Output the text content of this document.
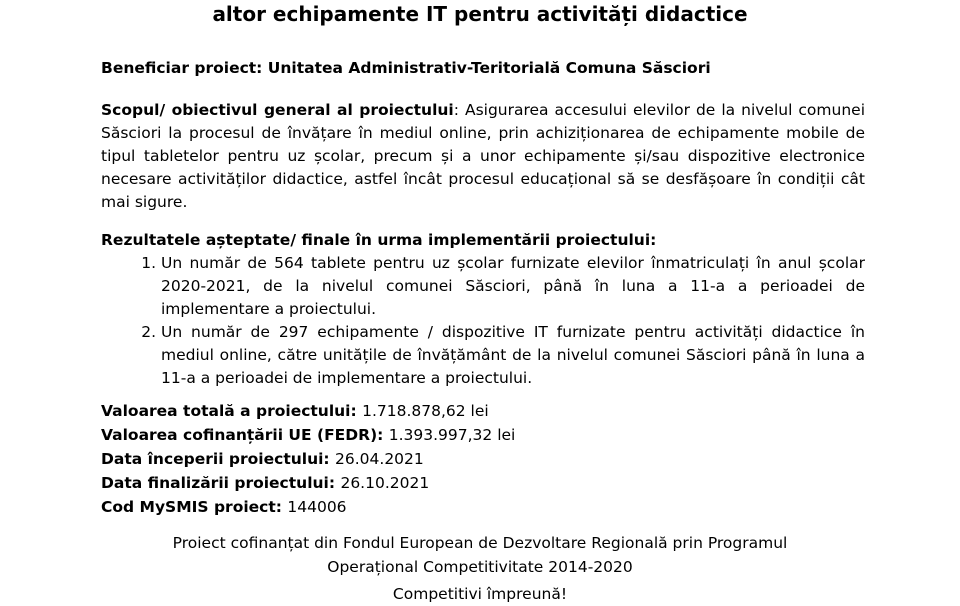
altor echipamente IT pentru activități didactice
Beneficiar proiect: Unitatea Administrativ-Teritorială Comuna Săsciori
Scopul/ obiectivul general al proiectului: Asigurarea accesului elevilor de la nivelul comunei Săsciori la procesul de învățare în mediul online, prin achiziționarea de echipamente mobile de tipul tabletelor pentru uz școlar, precum și a unor echipamente și/sau dispozitive electronice necesare activităților didactice, astfel încât procesul educațional să se desfășoare în condiții cât mai sigure.
Rezultatele așteptate/ finale în urma implementării proiectului:
1. Un număr de 564 tablete pentru uz școlar furnizate elevilor înmatriculați în anul școlar 2020-2021, de la nivelul comunei Săsciori, până în luna a 11-a a perioadei de implementare a proiectului.
2. Un număr de 297 echipamente / dispozitive IT furnizate pentru activități didactice în mediul online, către unitățile de învățământ de la nivelul comunei Săsciori până în luna a 11-a a perioadei de implementare a proiectului.
Valoarea totală a proiectului: 1.718.878,62 lei
Valoarea cofinanțării UE (FEDR): 1.393.997,32 lei
Data începerii proiectului: 26.04.2021
Data finalizării proiectului: 26.10.2021
Cod MySMIS proiect: 144006
Proiect cofinanțat din Fondul European de Dezvoltare Regională prin Programul
Operațional Competitivitate 2014-2020
Competitivi împreună!
